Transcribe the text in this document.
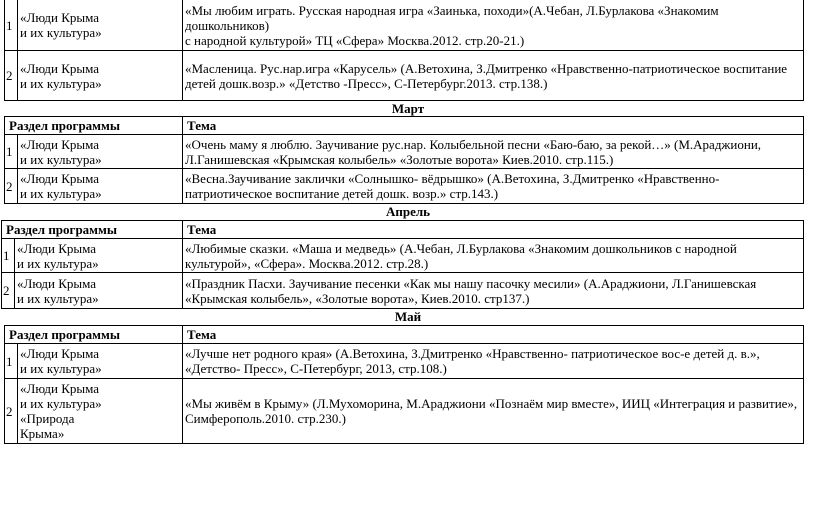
1	«Люди Крыма
и их культура»	«Мы любим играть. Русская народная игра «Заинька, походи»(А.Чебан, Л.Бурлакова «Знакомим дошкольников)
с народной культурой» ТЦ «Сфера» Москва.2012. стр.20-21.)
2	«Люди Крыма
и их культура»	«Масленица. Рус.нар.игра «Карусель» (А.Ветохина, З.Дмитренко «Нравственно-патриотическое воспитание детей дошк.возр.» «Детство -Пресс», С-Петербург.2013. стр.138.)
Март
Раздел программы		Тема
1	«Люди Крыма
и их культура»	«Очень маму я люблю. Заучивание рус.нар. Колыбельной песни «Баю-баю, за рекой…» (М.Араджиони, Л.Ганишевская «Крымская колыбель» «Золотые ворота» Киев.2010. стр.115.)
2	«Люди Крыма
и их культура»	«Весна.Заучивание заклички «Солнышко- вёдрышко» (А.Ветохина, З.Дмитренко «Нравственно-патриотическое воспитание детей дошк. возр.» стр.143.)
Апрель
Раздел программы		Тема
1	«Люди Крыма
и их культура»	«Любимые сказки. «Маша и медведь» (А.Чебан, Л.Бурлакова «Знакомим дошкольников с народной культурой», «Сфера». Москва.2012. стр.28.)
2	«Люди Крыма
и их культура»	«Праздник Пасхи. Заучивание песенки «Как мы нашу пасочку месили» (А.Араджиони, Л.Ганишевская «Крымская колыбель», «Золотые ворота», Киев.2010. стр137.)
Май
Раздел программы		Тема
1	«Люди Крыма
и их культура»	«Лучше нет родного края» (А.Ветохина, З.Дмитренко «Нравственно- патриотическое вос-е детей д. в.», «Детство- Пресс», С-Петербург, 2013, стр.108.)
2	«Люди Крыма
и их культура»
«Природа
Крыма»	«Мы живём в Крыму» (Л.Мухоморина, М.Араджиони «Познаём мир вместе», ИИЦ «Интеграция и развитие», Симферополь.2010. стр.230.)
